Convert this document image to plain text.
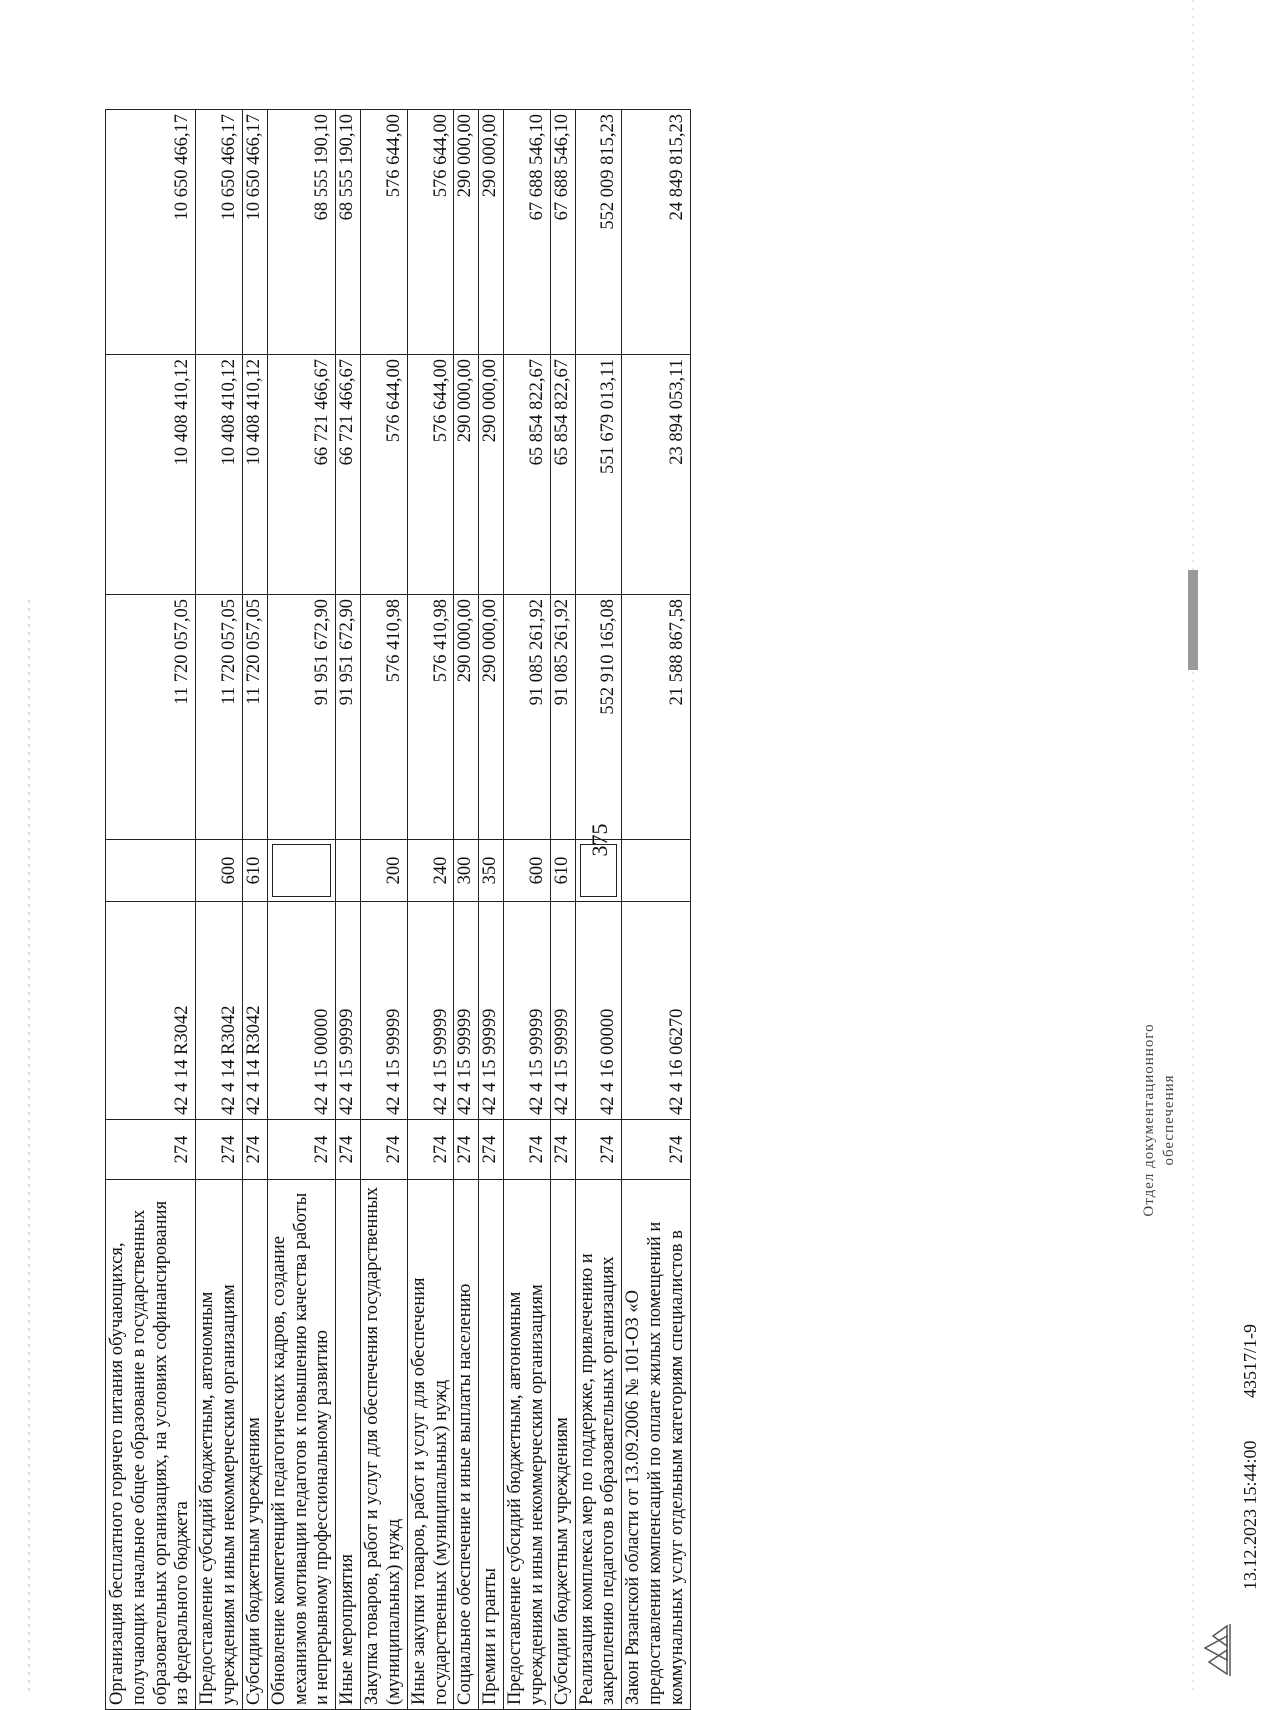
375
Организация бесплатного горячего питания обучающихся, получающих начальное общее образование в государственных образовательных организациях, на условиях софинансирования из федерального бюджета	274	42 4 14 R3042		11 720 057,05	10 408 410,12	10 650 466,17
Предоставление субсидий бюджетным, автономным учреждениям и иным некоммерческим организациям	274	42 4 14 R3042	600	11 720 057,05	10 408 410,12	10 650 466,17
Субсидии бюджетным учреждениям	274	42 4 14 R3042	610	11 720 057,05	10 408 410,12	10 650 466,17
Обновление компетенций педагогических кадров, создание механизмов мотивации педагогов к повышению качества работы и непрерывному профессиональному развитию	274	42 4 15 00000		91 951 672,90	66 721 466,67	68 555 190,10
Иные мероприятия	274	42 4 15 99999		91 951 672,90	66 721 466,67	68 555 190,10
Закупка товаров, работ и услуг для обеспечения государственных (муниципальных) нужд	274	42 4 15 99999	200	576 410,98	576 644,00	576 644,00
Иные закупки товаров, работ и услуг для обеспечения государственных (муниципальных) нужд	274	42 4 15 99999	240	576 410,98	576 644,00	576 644,00
Социальное обеспечение и иные выплаты населению	274	42 4 15 99999	300	290 000,00	290 000,00	290 000,00
Премии и гранты	274	42 4 15 99999	350	290 000,00	290 000,00	290 000,00
Предоставление субсидий бюджетным, автономным учреждениям и иным некоммерческим организациям	274	42 4 15 99999	600	91 085 261,92	65 854 822,67	67 688 546,10
Субсидии бюджетным учреждениям	274	42 4 15 99999	610	91 085 261,92	65 854 822,67	67 688 546,10
Реализация комплекса мер по поддержке, привлечению и закреплению педагогов в образовательных организациях	274	42 4 16 00000		552 910 165,08	551 679 013,11	552 009 815,23
Закон Рязанской области от 13.09.2006 № 101-ОЗ «О предоставлении компенсаций по оплате жилых помещений и коммунальных услуг отдельным категориям специалистов в	274	42 4 16 06270		21 588 867,58	23 894 053,11	24 849 815,23
Отдел документационного обеспечения
13.12.2023 15:44:00 43517/1-9
